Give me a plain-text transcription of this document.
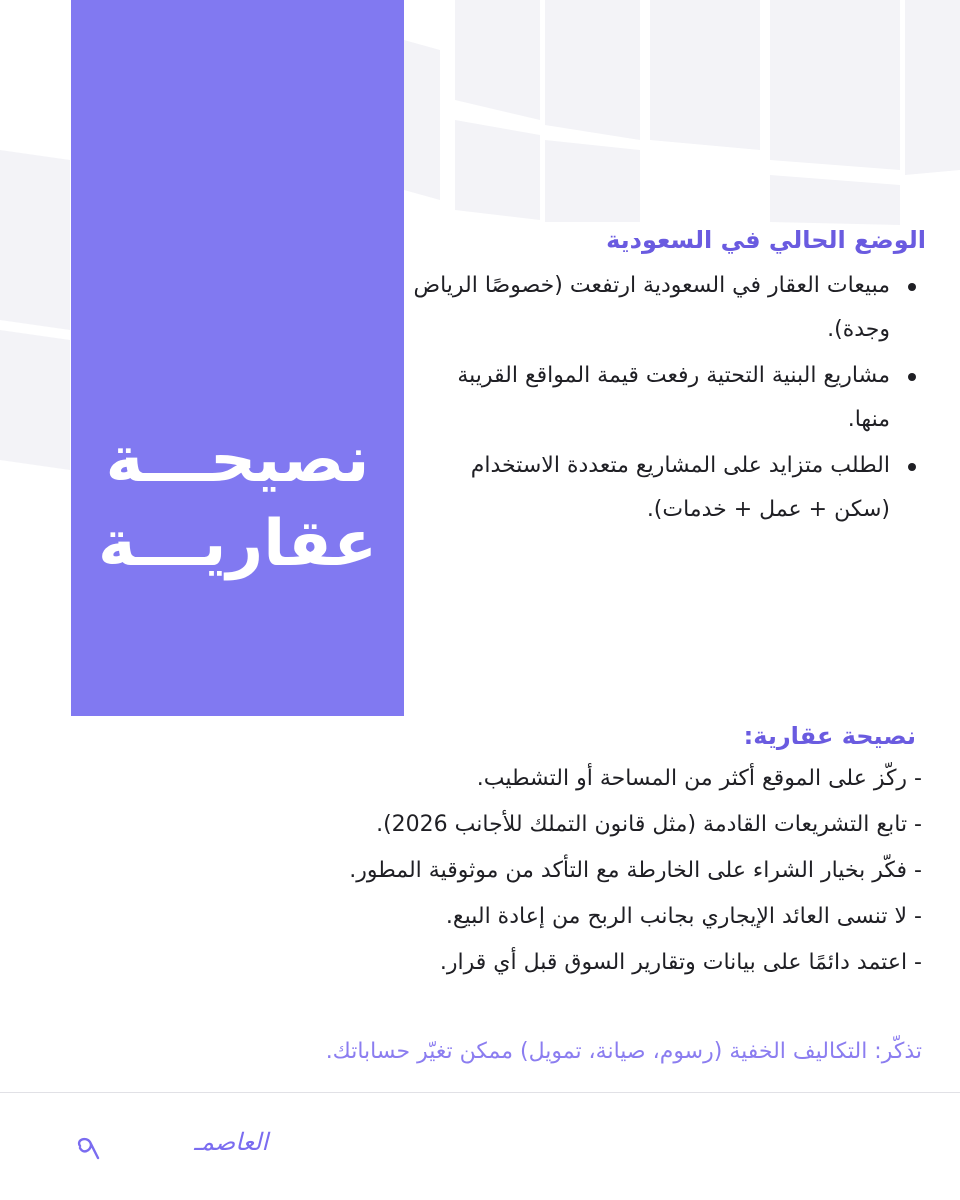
نصيحـــة
عقاريـــة
الوضع الحالي في السعودية
مبيعات العقار في السعودية ارتفعت (خصوصًا الرياض وجدة).
مشاريع البنية التحتية رفعت قيمة المواقع القريبة منها.
الطلب متزايد على المشاريع متعددة الاستخدام (سكن + عمل + خدمات).
نصيحة عقارية:
- ركّز على الموقع أكثر من المساحة أو التشطيب.
- تابع التشريعات القادمة (مثل قانون التملك للأجانب 2026).
- فكّر بخيار الشراء على الخارطة مع التأكد من موثوقية المطور.
- لا تنسى العائد الإيجاري بجانب الربح من إعادة البيع.
- اعتمد دائمًا على بيانات وتقارير السوق قبل أي قرار.
تذكّر: التكاليف الخفية (رسوم، صيانة، تمويل) ممكن تغيّر حساباتك.
العاصمـ
